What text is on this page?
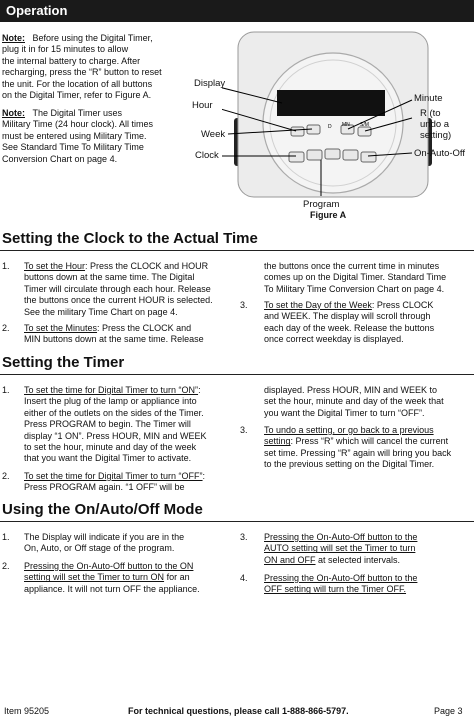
Operation
Note: Before using the Digital Timer,
plug it in for 15 minutes to allow
the internal battery to charge. After
recharging, press the “R” button to reset
the unit. For the location of all buttons
on the Digital Timer, refer to Figure A.
Note: The Digital Timer uses
Military Time (24 hour clock). All times
must be entered using Military Time.
See Standard Time To Military Time
Conversion Chart on page 4.
D MN S/M
Display
Hour
Week
Clock
Program
Minute
R (to
undo a
setting)
On-Auto-Off
Figure A
Setting the Clock to the Actual Time
1. To set the Hour: Press the CLOCK and HOUR
buttons down at the same time. The Digital
Timer will circulate through each hour. Release
the buttons once the current HOUR is selected.
See the military Time Chart on page 4.
2. To set the Minutes: Press the CLOCK and
MIN buttons down at the same time. Release
the buttons once the current time in minutes
comes up on the Digital Timer. Standard Time
To Military Time Conversion Chart on page 4.
3. To set the Day of the Week: Press CLOCK
and WEEK. The display will scroll through
each day of the week. Release the buttons
once correct weekday is displayed.
Setting the Timer
1. To set the time for Digital Timer to turn “ON”:
Insert the plug of the lamp or appliance into
either of the outlets on the sides of the Timer.
Press PROGRAM to begin. The Timer will
display “1 ON”. Press HOUR, MIN and WEEK
to set the hour, minute and day of the week
that you want the Digital Timer to activate.
2. To set the time for Digital Timer to turn “OFF”:
Press PROGRAM again. “1 OFF” will be
displayed. Press HOUR, MIN and WEEK to
set the hour, minute and day of the week that
you want the Digital Timer to turn “OFF”.
3. To undo a setting, or go back to a previous
setting: Press “R” which will cancel the current
set time. Pressing “R” again will bring you back
to the previous setting on the Digital Timer.
Using the On/Auto/Off Mode
1. The Display will indicate if you are in the
On, Auto, or Off stage of the program.
2. Pressing the On-Auto-Off button to the ON
setting will set the Timer to turn ON for an
appliance. It will not turn OFF the appliance.
3. Pressing the On-Auto-Off button to the
AUTO setting will set the Timer to turn
ON and OFF at selected intervals.
4. Pressing the On-Auto-Off button to the
OFF setting will turn the Timer OFF.
Item 95205	For technical questions, please call 1-888-866-5797.	Page 3
